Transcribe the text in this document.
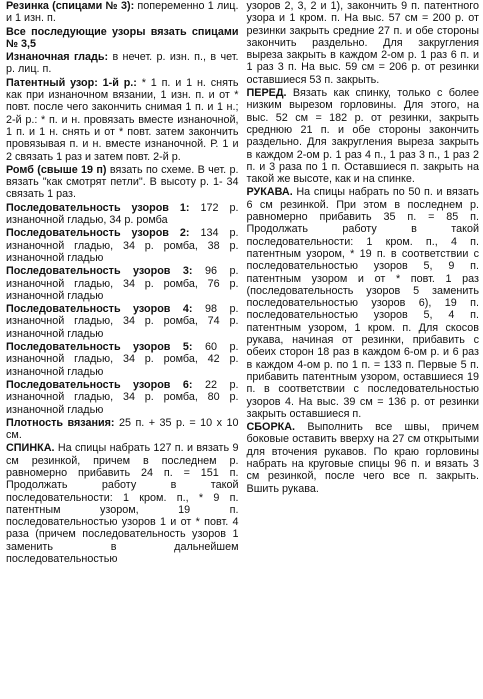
Резинка (спицами № 3): попеременно 1 лиц. и 1 изн. п.

Все последующие узоры вязать спицами № 3,5

Изнаночная гладь: в нечет. р. изн. п., в чет. р. лиц. п.

Патентный узор: 1-й р.: * 1 п. и 1 н. снять как при изнаночном вязании, 1 изн. п. и от * повт. после чего закончить снимая 1 п. и 1 н.; 2-й р.: * п. и н. провязать вместе изнаночной, 1 п. и 1 н. снять и от * повт. затем закончить провязывая п. и н. вместе изнаночной. Р. 1 и 2 связать 1 раз и затем повт. 2-й р.

Ромб (свыше 19 п) вязать по схеме. В чет. р. вязать "как смотрят петли". В высоту р. 1- 34 связать 1 раз.

Последовательность узоров 1: 172 р. изнаночной гладью, 34 р. ромба

Последовательность узоров 2: 134 р. изнаночной гладью, 34 р. ромба, 38 р. изнаночной гладью

Последовательность узоров 3: 96 р. изнаночной гладью, 34 р. ромба, 76 р. изнаночной гладью

Последовательность узоров 4: 98 р. изнаночной гладью, 34 р. ромба, 74 р. изнаночной гладью

Последовательность узоров 5: 60 р. изнаночной гладью, 34 р. ромба, 42 р. изнаночной гладью

Последовательность узоров 6: 22 р. изнаночной гладью, 34 р. ромба, 80 р. изнаночной гладью

Плотность вязания: 25 п. + 35 р. = 10 x 10 см.

СПИНКА. На спицы набрать 127 п. и вязать 9 см резинкой, причем в последнем р. равномерно прибавить 24 п. = 151 п. Продолжать работу в такой последовательности: 1 кром. п., * 9 п. патентным узором, 19 п. последовательностью узоров 1 и от * повт. 4 раза (причем последовательность узоров 1 заменить в дальнейшем последовательностью

узоров 2, 3, 2 и 1), закончить 9 п. патентного узора и 1 кром. п. На выс. 57 см = 200 р. от резинки закрыть средние 27 п. и обе стороны закончить раздельно. Для закругления выреза закрыть в каждом 2-ом р. 1 раз 6 п. и 1 раз 3 п. На выс. 59 см = 206 р. от резинки оставшиеся 53 п. закрыть.

ПЕРЕД. Вязать как спинку, только с более низким вырезом горловины. Для этого, на выс. 52 см = 182 р. от резинки, закрыть среднюю 21 п. и обе стороны закончить раздельно. Для закругления выреза закрыть в каждом 2-ом р. 1 раз 4 п., 1 раз 3 п., 1 раз 2 п. и 3 раза по 1 п. Оставшиеся п. закрыть на такой же высоте, как и на спинке.

РУКАВА. На спицы набрать по 50 п. и вязать 6 см резинкой. При этом в последнем р. равномерно прибавить 35 п. = 85 п. Продолжать работу в такой последовательности: 1 кром. п., 4 п. патентным узором, * 19 п. в соответствии с последовательностью узоров 5, 9 п. патентным узором и от * повт. 1 раз (последовательность узоров 5 заменить последовательностью узоров 6), 19 п. последовательностью узоров 5, 4 п. патентным узором, 1 кром. п. Для скосов рукава, начиная от резинки, прибавить с обеих сторон 18 раз в каждом 6-ом р. и 6 раз в каждом 4-ом р. по 1 п. = 133 п. Первые 5 п. прибавить патентным узором, оставшиеся 19 п. в соответствии с последовательностью узоров 4. На выс. 39 см = 136 р. от резинки закрыть оставшиеся п.

СБОРКА. Выполнить все швы, причем боковые оставить вверху на 27 см открытыми для вточения рукавов. По краю горловины набрать на круговые спицы 96 п. и вязать 3 см резинкой, после чего все п. закрыть. Вшить рукава.
